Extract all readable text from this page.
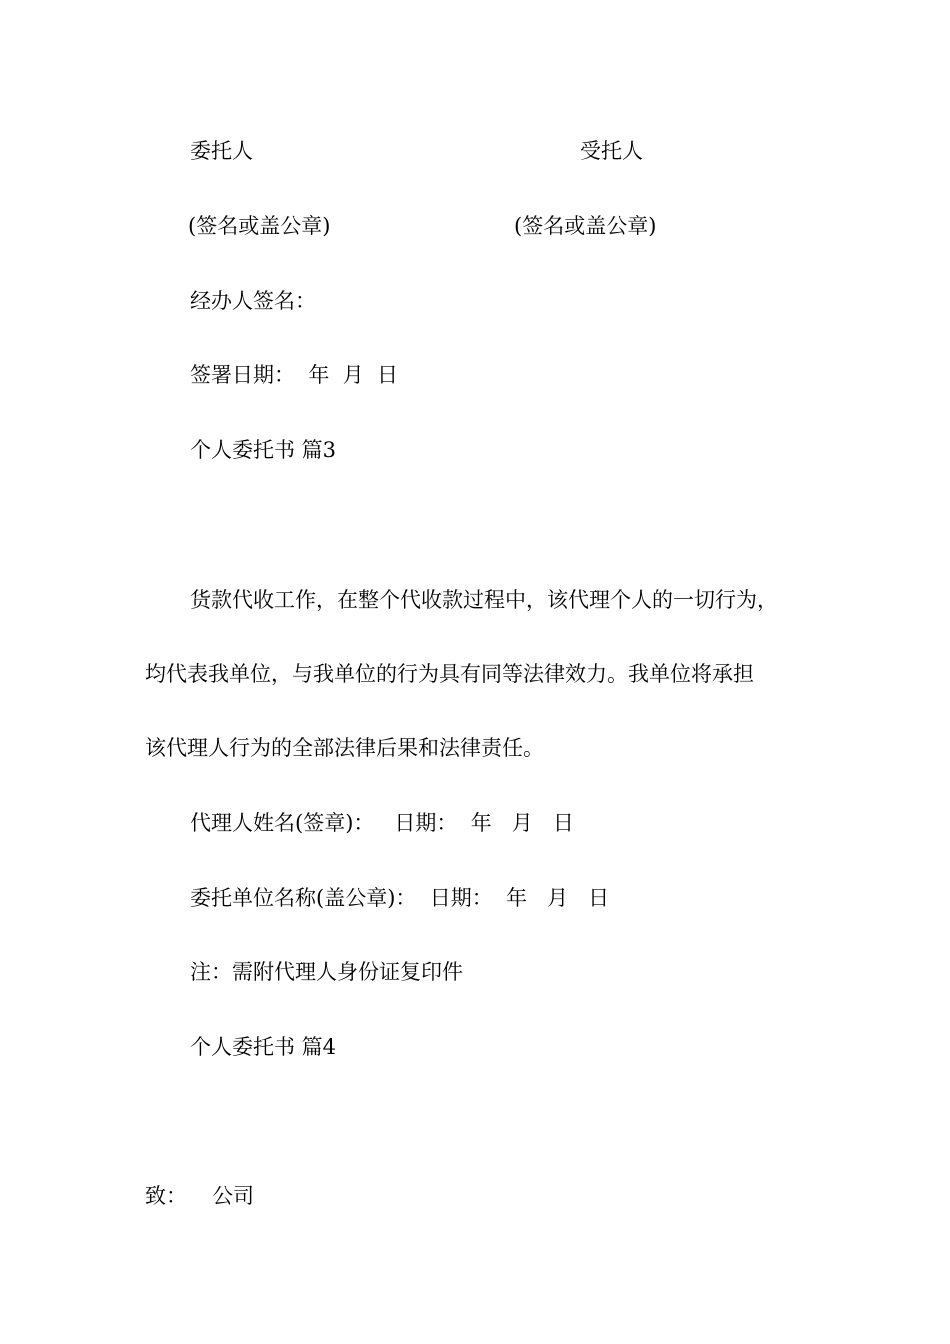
委托人	受托人
(签名或盖公章)	(签名或盖公章)
经办人签名：
签署日期：  年  月  日
个人委托书 篇3
货款代收工作，在整个代收款过程中，该代理个人的一切行为，
均代表我单位，与我单位的行为具有同等法律效力。我单位将承担
该代理人行为的全部法律后果和法律责任。
代理人姓名(签章)：   日期：  年   月   日
委托单位名称(盖公章)：  日期：  年   月   日
注：需附代理人身份证复印件
个人委托书 篇4
致： 公司
